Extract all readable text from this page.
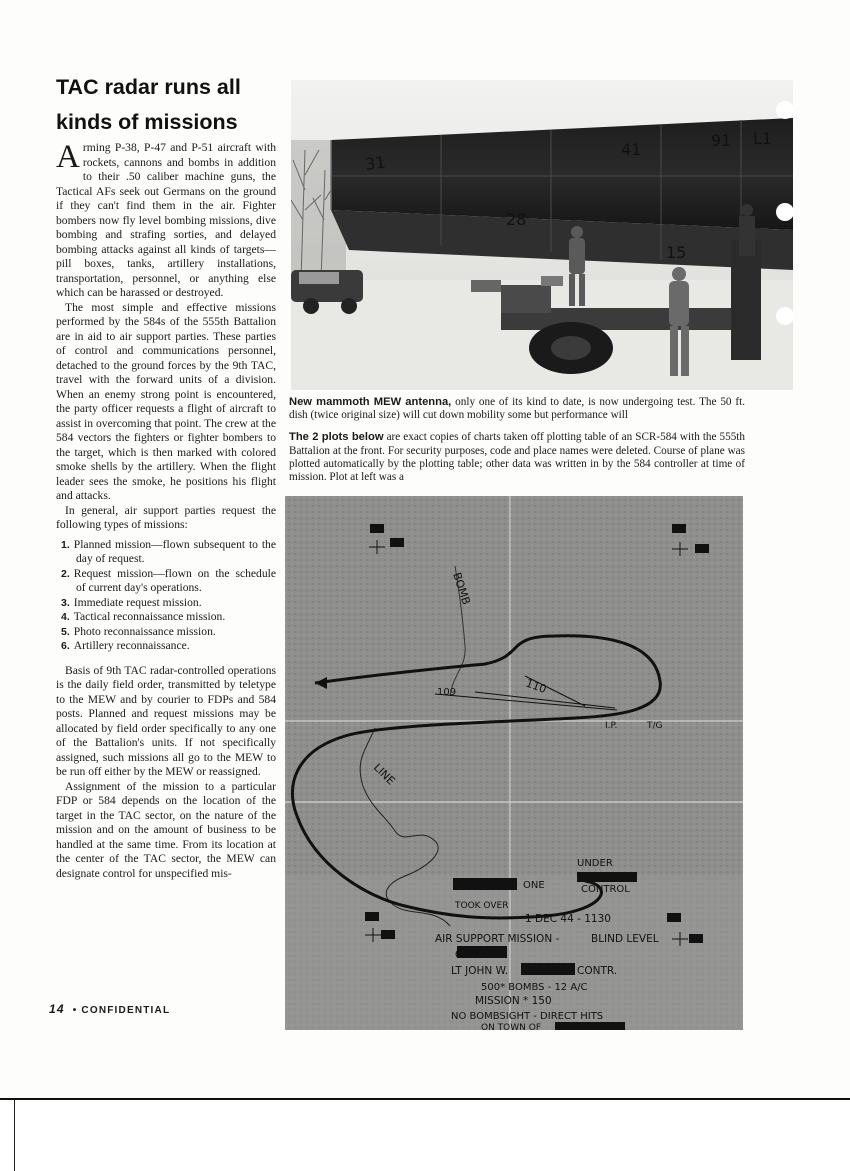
TAC radar runs all
kinds of missions

Arming P-38, P-47 and P-51 aircraft with rockets, cannons and bombs in addition to their .50 caliber machine guns, the Tactical AFs seek out Germans on the ground if they can't find them in the air. Fighter bombers now fly level bombing missions, dive bombing and strafing sorties, and delayed bombing attacks against all kinds of targets—pill boxes, tanks, artillery installations, transportation, personnel, or anything else which can be harassed or destroyed.

The most simple and effective missions performed by the 584s of the 555th Battalion are in aid to air support parties. These parties of control and communications personnel, detached to the ground forces by the 9th TAC, travel with the forward units of a division. When an enemy strong point is encountered, the party officer requests a flight of aircraft to assist in overcoming that point. The crew at the 584 vectors the fighters or fighter bombers to the target, which is then marked with colored smoke shells by the artillery. When the flight leader sees the smoke, he positions his flight and attacks.

In general, air support parties request the following types of missions:

1. Planned mission—flown subsequent to the day of request.
2. Request mission—flown on the schedule of current day's operations.
3. Immediate request mission.
4. Tactical reconnaissance mission.
5. Photo reconnaissance mission.
6. Artillery reconnaissance.

Basis of 9th TAC radar-controlled operations is the daily field order, transmitted by teletype to the MEW and by courier to FDPs and 584 posts. Planned and request missions may be allocated by field order specifically to any one of the Battalion's units. If not specifically assigned, such missions all go to the MEW to be run off either by the MEW or reassigned.

Assignment of the mission to a particular FDP or 584 depends on the location of the target in the TAC sector, on the nature of the mission and on the amount of business to be handled at the same time. From its location at the center of the TAC sector, the MEW can designate control for unspecified mis-

14 • CONFIDENTIAL
31
41	91 L1
28
15

New mammoth MEW antenna, only one of its kind to date, is now undergoing test. The 50 ft. dish (twice original size) will cut down mobility some but performance will

The 2 plots below are exact copies of charts taken off plotting table of an SCR-584 with the 555th Battalion at the front. For security purposes, code and place names were deleted. Course of plane was plotted automatically by the plotting table; other data was written in by the 584 controller at time of mission. Plot at left was a

BOMB
LINE
110
109
I.P.	T/G
UNDER
CONTROL
ONE
TOOK OVER
1 DEC 44 - 1130
AIR SUPPORT MISSION -	BLIND LEVEL
GP-150
LT JOHN W.	CONTR.
500* BOMBS - 12 A/C
MISSION * 150
NO BOMBSIGHT - DIRECT HITS
ON TOWN OF
